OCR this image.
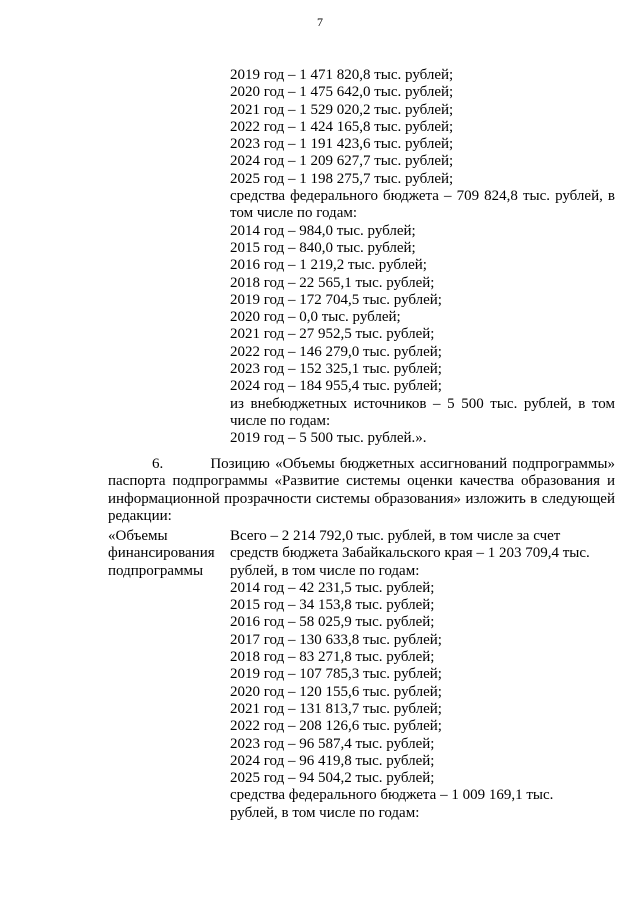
7
2019 год – 1 471 820,8 тыс. рублей;
2020 год – 1 475 642,0 тыс. рублей;
2021 год – 1 529 020,2 тыс. рублей;
2022 год – 1 424 165,8 тыс. рублей;
2023 год – 1 191 423,6 тыс. рублей;
2024 год – 1 209 627,7 тыс. рублей;
2025 год – 1 198 275,7 тыс. рублей;
средства федерального бюджета – 709 824,8 тыс. рублей, в том числе по годам:
2014 год – 984,0 тыс. рублей;
2015 год – 840,0 тыс. рублей;
2016 год – 1 219,2 тыс. рублей;
2018 год – 22 565,1 тыс. рублей;
2019 год – 172 704,5 тыс. рублей;
2020 год – 0,0 тыс. рублей;
2021 год – 27 952,5 тыс. рублей;
2022 год – 146 279,0 тыс. рублей;
2023 год – 152 325,1 тыс. рублей;
2024 год – 184 955,4 тыс. рублей;
из внебюджетных источников – 5 500 тыс. рублей, в том числе по годам:
2019 год – 5 500 тыс. рублей.».
6.	Позицию «Объемы бюджетных ассигнований подпрограммы» паспорта подпрограммы «Развитие системы оценки качества образования и информационной прозрачности системы образования» изложить в следующей редакции:
«Объемы
финансирования
подпрограммы
Всего – 2 214 792,0 тыс. рублей, в том числе за счет
средств бюджета Забайкальского края – 1 203 709,4 тыс.
рублей, в том числе по годам:
2014 год – 42 231,5 тыс. рублей;
2015 год – 34 153,8 тыс. рублей;
2016 год – 58 025,9 тыс. рублей;
2017 год – 130 633,8 тыс. рублей;
2018 год – 83 271,8 тыс. рублей;
2019 год – 107 785,3 тыс. рублей;
2020 год – 120 155,6 тыс. рублей;
2021 год – 131 813,7 тыс. рублей;
2022 год – 208 126,6 тыс. рублей;
2023 год – 96 587,4 тыс. рублей;
2024 год – 96 419,8 тыс. рублей;
2025 год – 94 504,2 тыс. рублей;
средства федерального бюджета – 1 009 169,1 тыс.
рублей, в том числе по годам:
